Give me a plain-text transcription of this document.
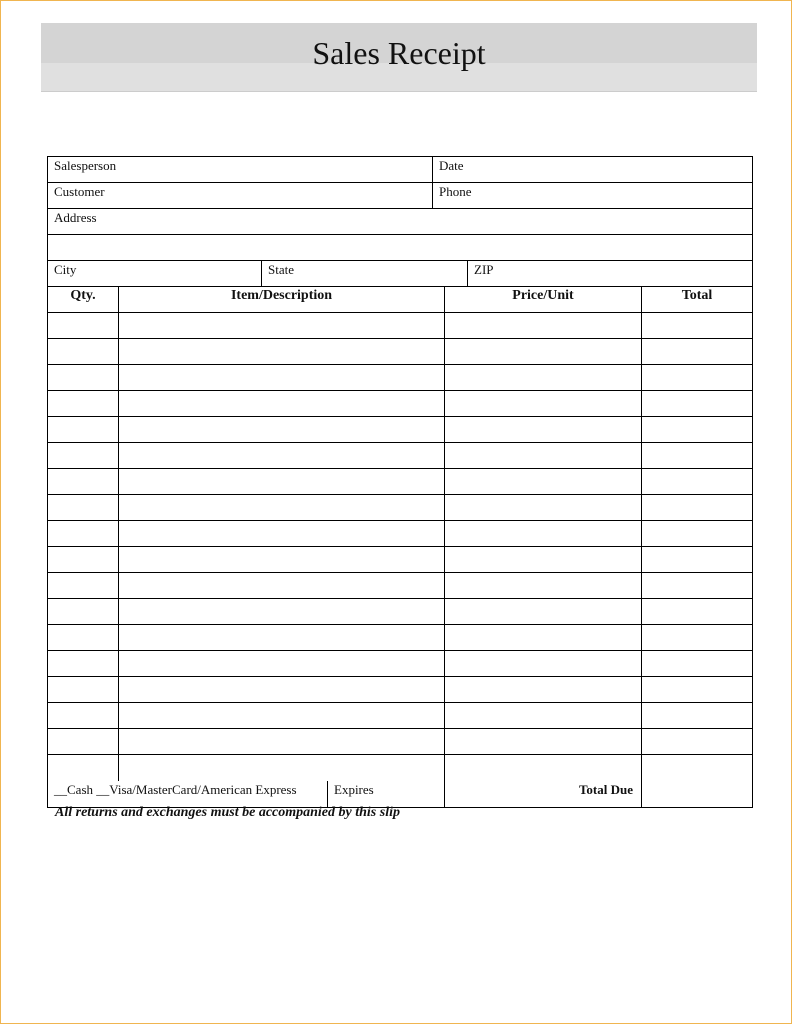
Sales Receipt
Salesperson	Date
Customer	Phone
Address
City	State	ZIP
Qty.	Item/Description	Price/Unit	Total
__Cash __Visa/MasterCard/American Express	Expires	Total Due
All returns and exchanges must be accompanied by this slip
